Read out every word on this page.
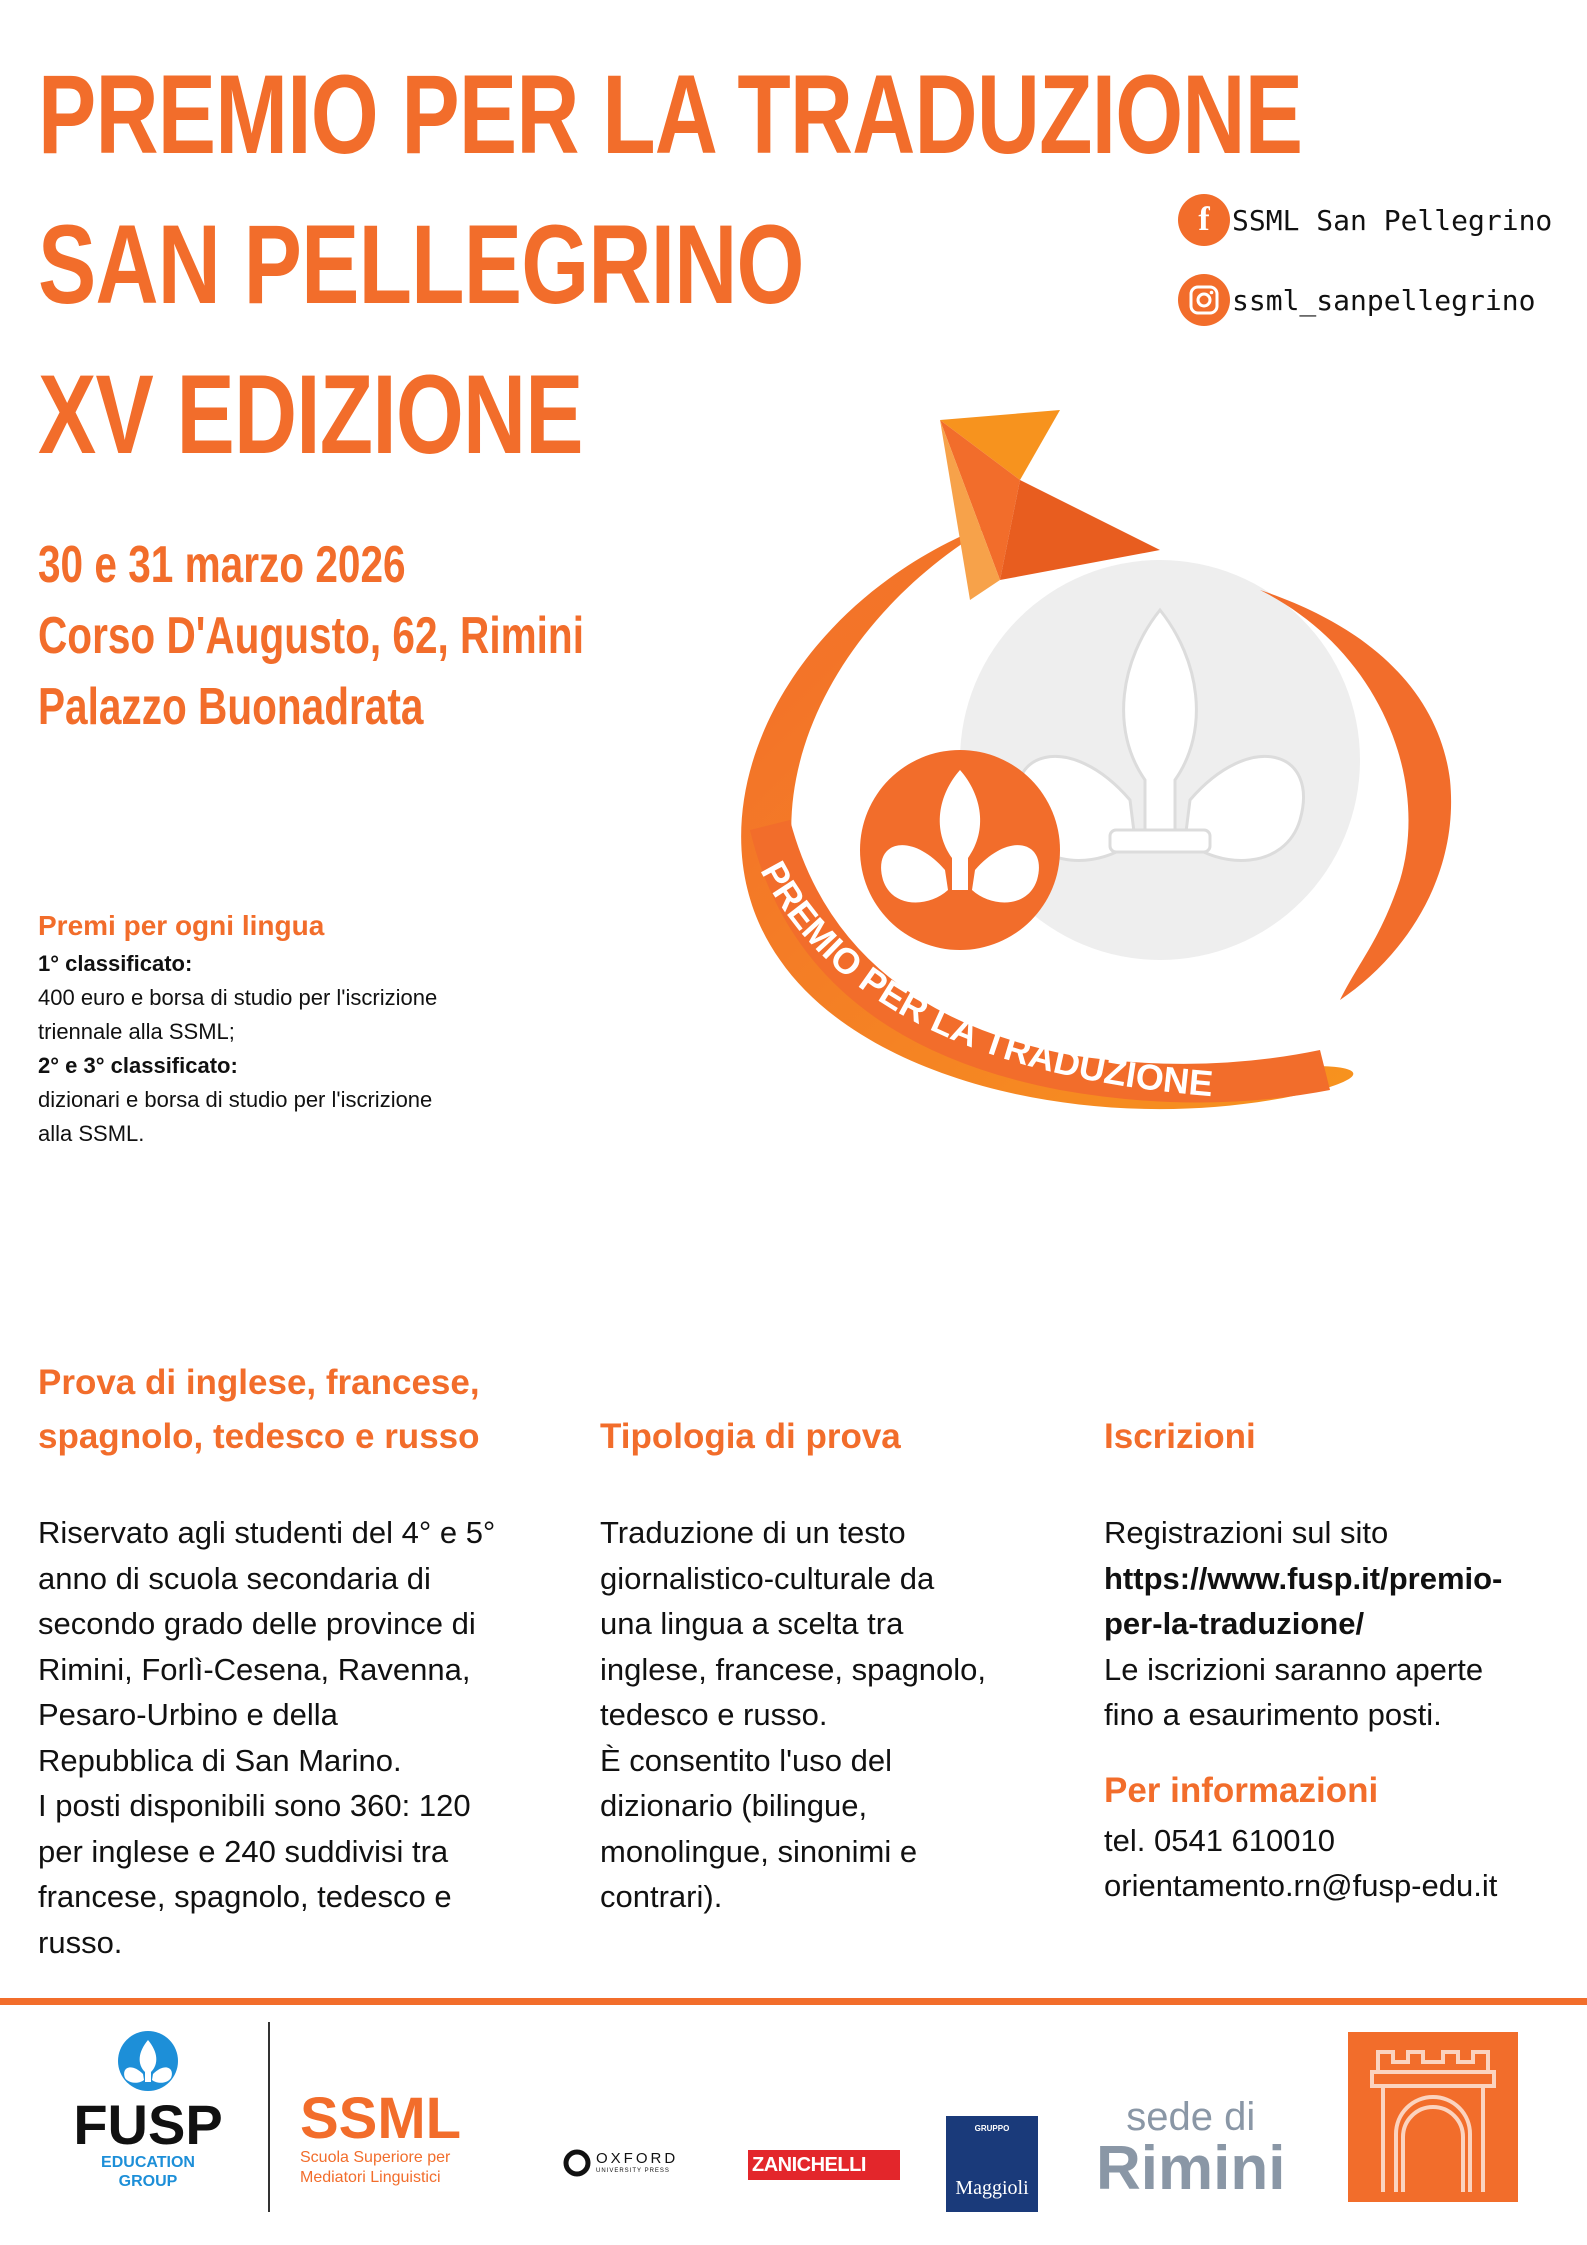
PREMIO PER LA TRADUZIONE
SAN PELLEGRINO
XV EDIZIONE
f SSML San Pellegrino
ssml_sanpellegrino
30 e 31 marzo 2026
Corso D'Augusto, 62, Rimini
Palazzo Buonadrata
PREMIO PER LA TRADUZIONE
Premi per ogni lingua
1° classificato:
400 euro e borsa di studio per l'iscrizione
triennale alla SSML;
2° e 3° classificato:
dizionari e borsa di studio per l'iscrizione
alla SSML.
Prova di inglese, francese,
spagnolo, tedesco e russo
Riservato agli studenti del 4° e 5°
anno di scuola secondaria di
secondo grado delle province di
Rimini, Forlì-Cesena, Ravenna,
Pesaro-Urbino e della
Repubblica di San Marino.
I posti disponibili sono 360: 120
per inglese e 240 suddivisi tra
francese, spagnolo, tedesco e
russo.
Tipologia di prova
Traduzione di un testo
giornalistico-culturale da
una lingua a scelta tra
inglese, francese, spagnolo,
tedesco e russo.
È consentito l'uso del
dizionario (bilingue,
monolingue, sinonimi e
contrari).
Iscrizioni
Registrazioni sul sito
https://www.fusp.it/premio-
per-la-traduzione/
Le iscrizioni saranno aperte
fino a esaurimento posti.
Per informazioni
tel. 0541 610010
orientamento.rn@fusp-edu.it
FUSP
EDUCATION
GROUP
SSML
Scuola Superiore per
Mediatori Linguistici
OXFORD
UNIVERSITY PRESS	ZANICHELLI
GRUPPO
Maggioli
sede di
Rimini
